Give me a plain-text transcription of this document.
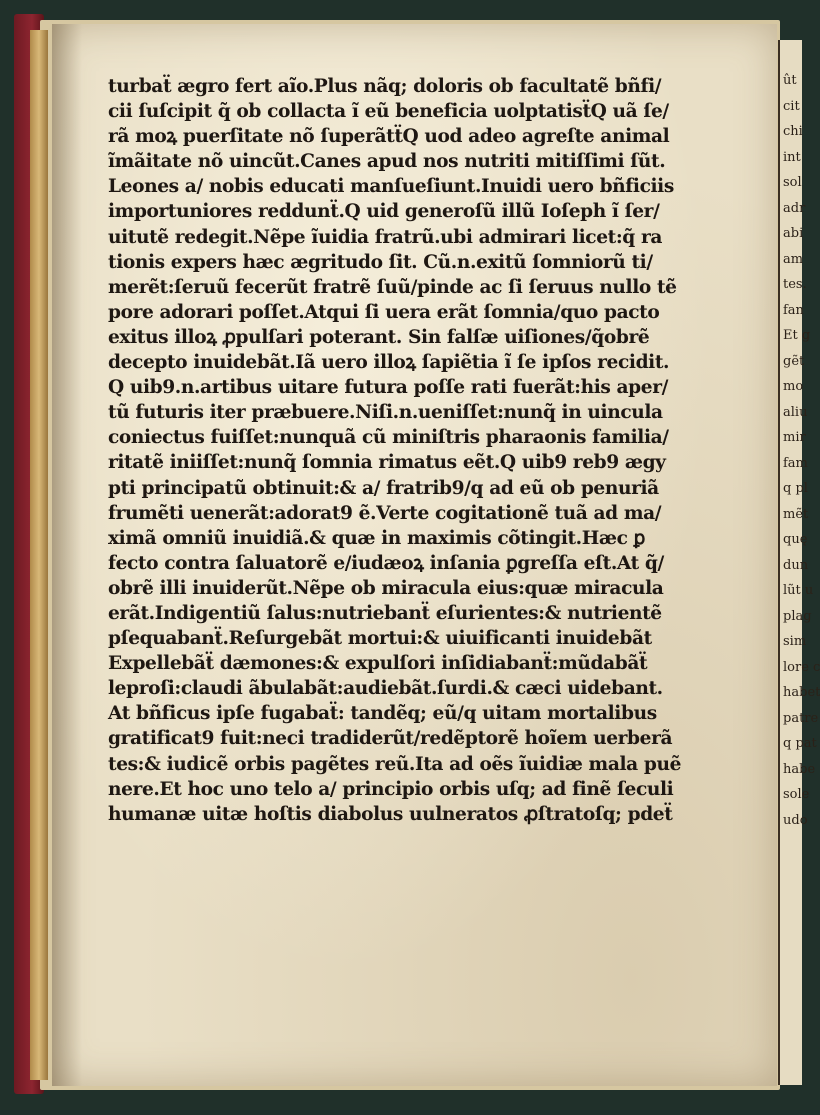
turbaẗ ægro fert aĩo.Plus nãq; doloris ob facultatẽ bñfi/
cii ſuſcipit q̃ ob collacta ĩ eũ beneficia uolptatisẗQ uã ſe/
rã moꝝ puerſitate nõ ſuperãtẗQ uod adeo agreſte animal
ĩmãitate nõ uincũt.Canes apud nos nutriti mitiſſimi ſũt.
Leones a/ nobis educati manſueſiunt.Inuidi uero bñficiis
importuniores reddunẗ.Q uid generoſũ illũ Ioſeph ĩ ſer/
uitutẽ redegit.Nẽpe ĩuidia fratrũ.ubi admirari licet:q̃ ra
tionis expers hæc ægritudo ſit. Cũ.n.exitũ ſomniorũ ti/
merẽt:ſeruũ fecerũt fratrẽ ſuũ/pinde ac ſi ſeruus nullo tẽ
pore adorari poſſet.Atqui ſi uera erãt ſomnia/quo pacto
exitus illoꝝ ꝓpulſari poterant. Sin falſæ uiſiones/q̃obrẽ
decepto inuidebãt.Iã uero illoꝝ ſapiẽtia ĩ ſe ipſos recidit.
Q uib9.n.artibus uitare futura poſſe rati fuerãt:his aper/
tũ futuris iter præbuere.Niſi.n.ueniſſet:nunq̃ in uincula
coniectus fuiſſet:nunquã cũ miniſtris pharaonis familia/
ritatẽ iniiſſet:nunq̃ ſomnia rimatus eẽt.Q uib9 reb9 ægy
pti principatũ obtinuit:& a/ fratrib9/q ad eũ ob penuriã
frumẽti uenerãt:adorat9 ẽ.Verte cogitationẽ tuã ad ma/
ximã omniũ inuidiã.& quæ in maximis cõtingit.Hæc ꝑ
fecto contra ſaluatorẽ e/iudæoꝝ inſania ꝑgreſſa eſt.At q̃/
obrẽ illi inuiderũt.Nẽpe ob miracula eius:quæ miracula
erãt.Indigentiũ ſalus:nutriebanẗ eſurientes:& nutrientẽ
pſequabanẗ.Reſurgebãt mortui:& uiuificanti inuidebãt
Expellebãẗ dæmones:& expulſori inſidiabanẗ:mũdabãẗ
leproſi:claudi ãbulabãt:audiebãt.ſurdi.& cæci uidebant.
At bñficus ipſe fugabaẗ: tandẽq; eũ/q uitam mortalibus
gratificat9 fuit:neci tradiderũt/redẽptorẽ hoĩem uerberã
tes:& iudicẽ orbis pagẽtes reũ.Ita ad oẽs ĩuidiæ mala puẽ
nere.Et hoc uno telo a/ principio orbis uſq; ad finẽ ſeculi
humanæ uitæ hoſtis diabolus uulneratos ꝓſtratoſq; pdeẗ
ût
cit
chi
int
sol
adr
abi
am
tes.
fan
Et g
gẽt
mo
aliu
mir
fam
q pl
mẽt
quę
dun
lũt u
plag
sim
lore c
habet
patre
q pat
habe
sole
udo
